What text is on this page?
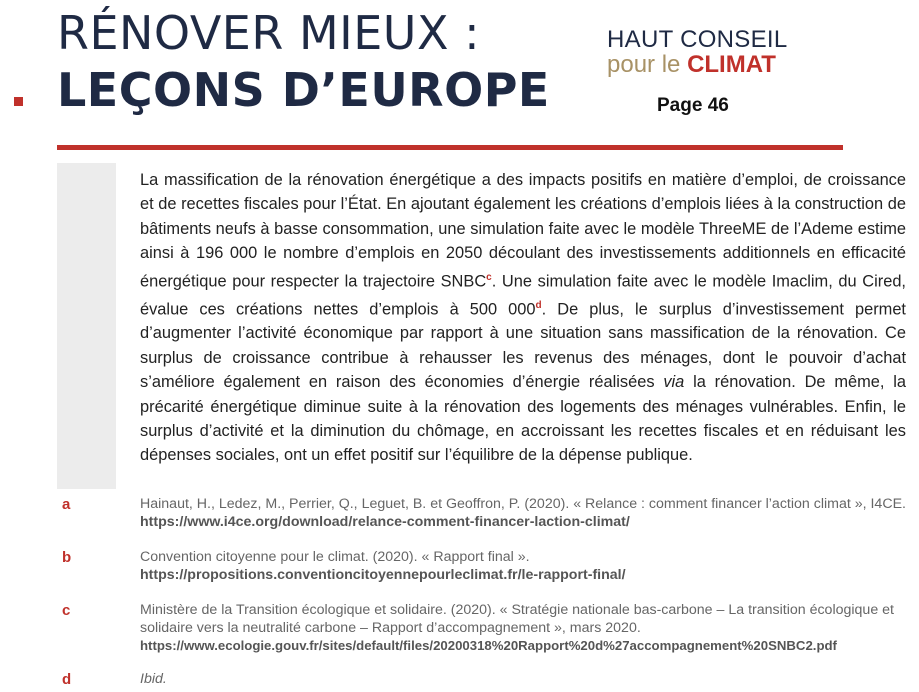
RÉNOVER MIEUX :
LEÇONS D’EUROPE
HAUT CONSEIL
pour le CLIMAT
Page 46

La massification de la rénovation énergétique a des impacts positifs en matière d’emploi, de croissance et de recettes fiscales pour l’État. En ajoutant également les créations d’emplois liées à la construction de bâtiments neufs à basse consommation, une simulation faite avec le modèle ThreeME de l’Ademe estime ainsi à 196 000 le nombre d’emplois en 2050 découlant des investissements additionnels en efficacité énergétique pour respecter la trajectoire SNBC$^c$. Une simulation faite avec le modèle Imaclim, du Cired, évalue ces créations nettes d’emplois à 500 000$^d$. De plus, le surplus d’investissement permet d’augmenter l’activité économique par rapport à une situation sans massification de la rénovation. Ce surplus de croissance contribue à rehausser les revenus des ménages, dont le pouvoir d’achat s’améliore également en raison des économies d’énergie réalisées via la rénovation. De même, la précarité énergétique diminue suite à la rénovation des logements des ménages vulnérables. Enfin, le surplus d’activité et la diminution du chômage, en accroissant les recettes fiscales et en réduisant les dépenses sociales, ont un effet positif sur l’équilibre de la dépense publique.

a	Hainaut, H., Ledez, M., Perrier, Q., Leguet, B. et Geoffron, P. (2020). « Relance : comment financer l’action climat », I4CE. https://www.i4ce.org/download/relance-comment-financer-laction-climat/
b	Convention citoyenne pour le climat. (2020). « Rapport final ».
https://propositions.conventioncitoyennepourleclimat.fr/le-rapport-final/
c	Ministère de la Transition écologique et solidaire. (2020). « Stratégie nationale bas-carbone – La transition écologique et solidaire vers la neutralité carbone – Rapport d’accompagnement », mars 2020.
https://www.ecologie.gouv.fr/sites/default/files/20200318%20Rapport%20d%27accompagnement%20SNBC2.pdf
d	Ibid.
